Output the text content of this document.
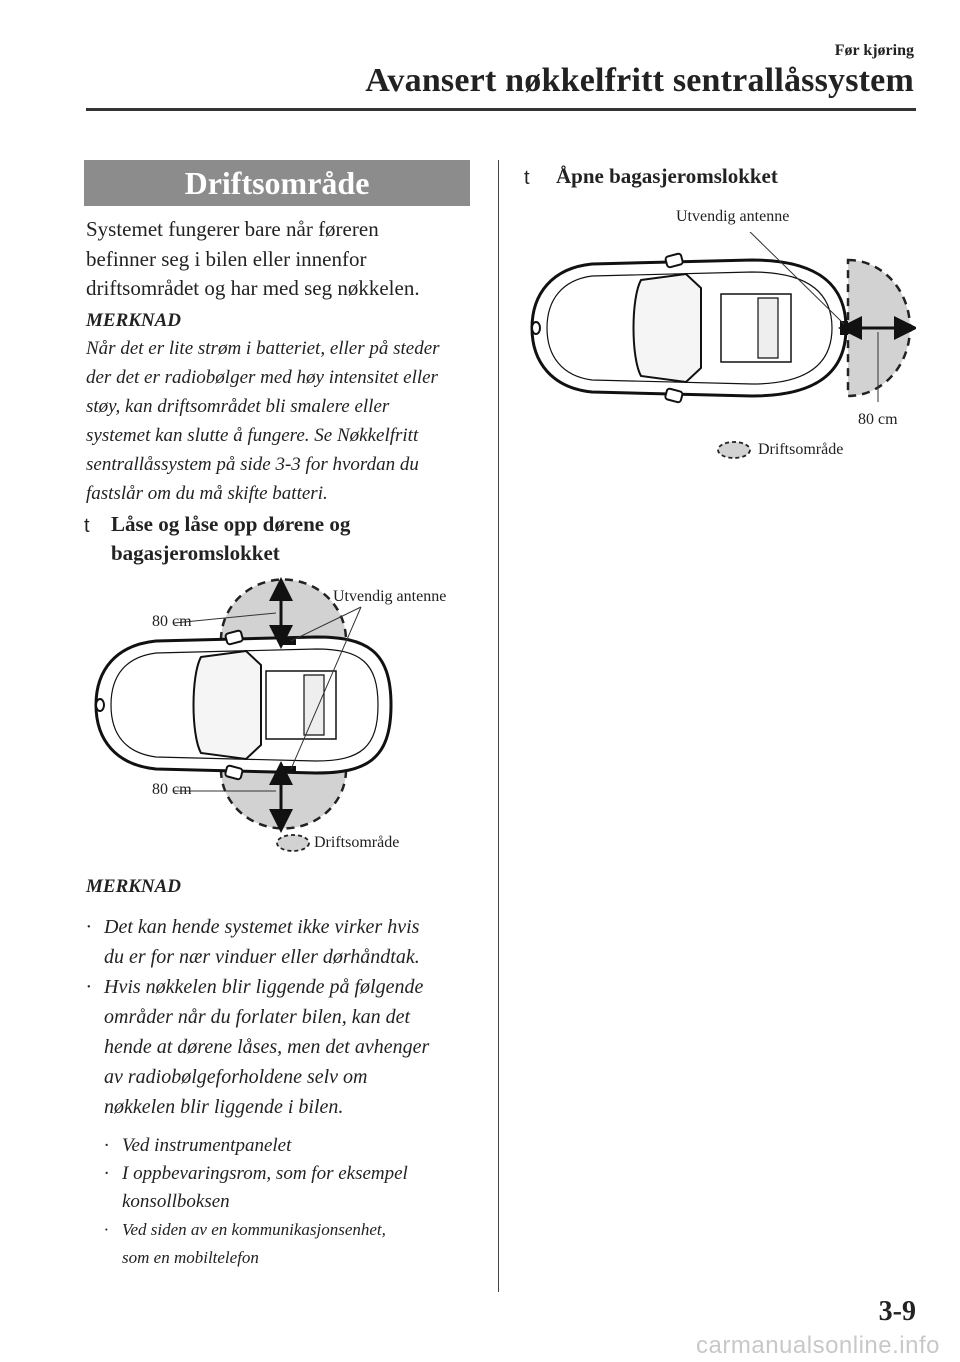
Før kjøring
Avansert nøkkelfritt sentrallåssystem
Driftsområde
Systemet fungerer bare når føreren
befinner seg i bilen eller innenfor
driftsområdet og har med seg nøkkelen.
MERKNAD
Når det er lite strøm i batteriet, eller på steder
der det er radiobølger med høy intensitet eller
støy, kan driftsområdet bli smalere eller
systemet kan slutte å fungere. Se Nøkkelfritt
sentrallåssystem på side 3-3 for hvordan du
fastslår om du må skifte batteri.
t Låse og låse opp dørene og
bagasjeromslokket
80 cm
80 cm
Utvendig antenne
Driftsområde
MERKNAD
· Det kan hende systemet ikke virker hvis
du er for nær vinduer eller dørhåndtak.
· Hvis nøkkelen blir liggende på følgende
områder når du forlater bilen, kan det
hende at dørene låses, men det avhenger
av radiobølgeforholdene selv om
nøkkelen blir liggende i bilen.
· Ved instrumentpanelet
· I oppbevaringsrom, som for eksempel
konsollboksen
· Ved siden av en kommunikasjonsenhet,
som en mobiltelefon
t	Åpne bagasjeromslokket
Utvendig antenne
80 cm
Driftsområde
3-9
carmanualsonline.info
